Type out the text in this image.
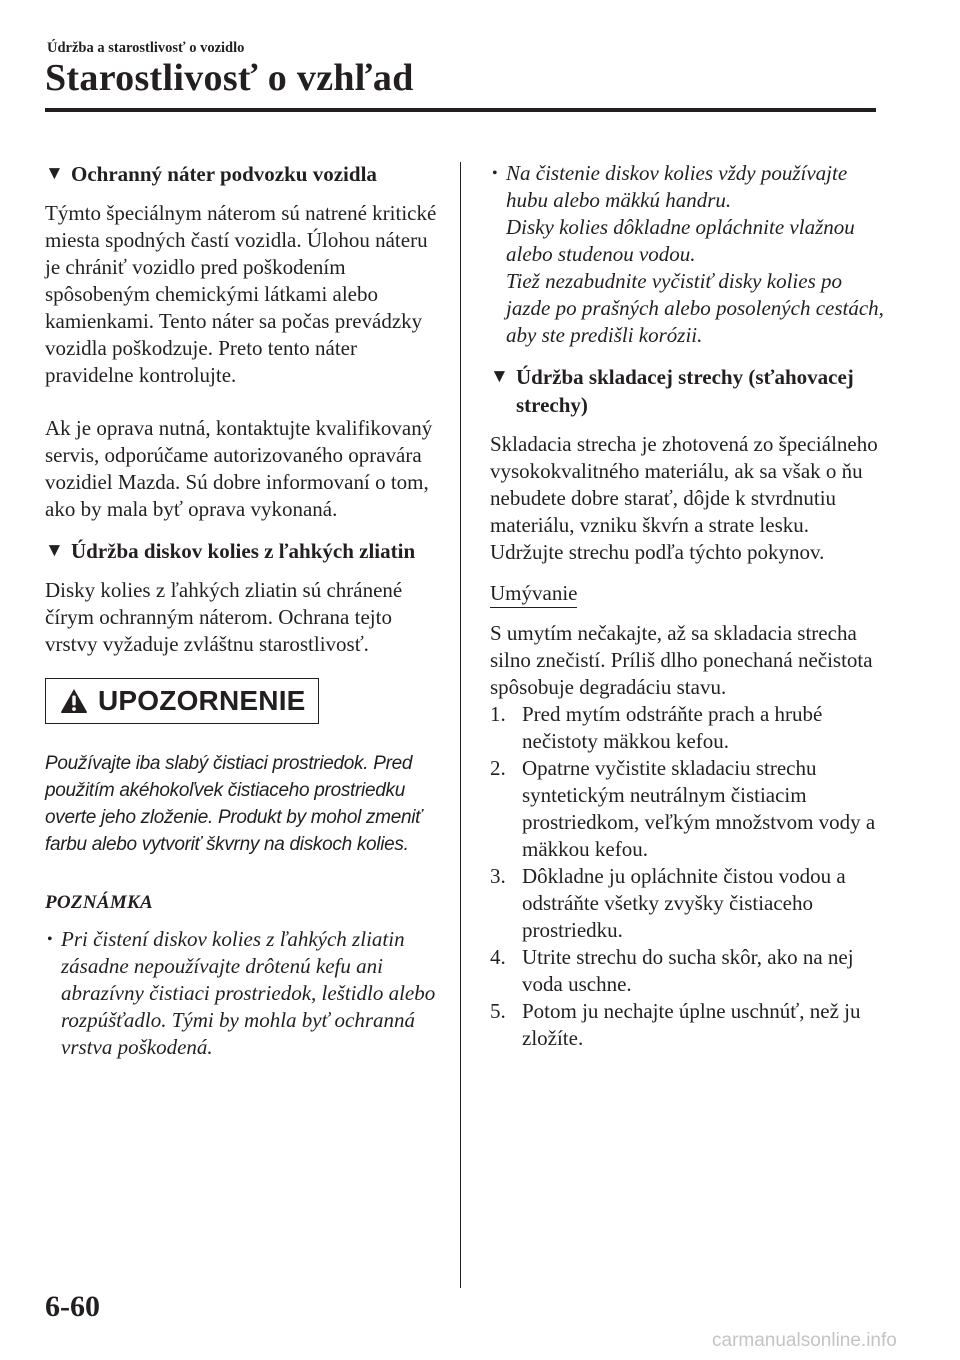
Údržba a starostlivosť o vozidlo
Starostlivosť o vzhľad
▼ Ochranný náter podvozku vozidla

Týmto špeciálnym náterom sú natrené kritické miesta spodných častí vozidla. Úlohou náteru je chrániť vozidlo pred poškodením spôsobeným chemickými látkami alebo kamienkami. Tento náter sa počas prevádzky vozidla poškodzuje. Preto tento náter pravidelne kontrolujte.

Ak je oprava nutná, kontaktujte kvalifikovaný servis, odporúčame autorizovaného opravára vozidiel Mazda. Sú dobre informovaní o tom, ako by mala byť oprava vykonaná.

▼ Údržba diskov kolies z ľahkých zliatin

Disky kolies z ľahkých zliatin sú chránené čírym ochranným náterom. Ochrana tejto vrstvy vyžaduje zvláštnu starostlivosť.

UPOZORNENIE
Používajte iba slabý čistiaci prostriedok. Pred použitím akéhokoľvek čistiaceho prostriedku overte jeho zloženie. Produkt by mohol zmeniť farbu alebo vytvoriť škvrny na diskoch kolies.
POZNÁMKA
• Pri čistení diskov kolies z ľahkých zliatin zásadne nepoužívajte drôtenú kefu ani abrazívny čistiaci prostriedok, leštidlo alebo rozpúšťadlo. Tými by mohla byť ochranná vrstva poškodená.
• Na čistenie diskov kolies vždy používajte hubu alebo mäkkú handru.
Disky kolies dôkladne opláchnite vlažnou alebo studenou vodou.
Tiež nezabudnite vyčistiť disky kolies po jazde po prašných alebo posolených cestách, aby ste predišli korózii.
▼ Údržba skladacej strechy (sťahovacej strechy)

Skladacia strecha je zhotovená zo špeciálneho vysokokvalitného materiálu, ak sa však o ňu nebudete dobre starať, dôjde k stvrdnutiu materiálu, vzniku škvŕn a strate lesku. Udržujte strechu podľa týchto pokynov.

Umývanie

S umytím nečakajte, až sa skladacia strecha silno znečistí. Príliš dlho ponechaná nečistota spôsobuje degradáciu stavu.

1. Pred mytím odstráňte prach a hrubé nečistoty mäkkou kefou.
2. Opatrne vyčistite skladaciu strechu syntetickým neutrálnym čistiacim prostriedkom, veľkým množstvom vody a mäkkou kefou.
3. Dôkladne ju opláchnite čistou vodou a odstráňte všetky zvyšky čistiaceho prostriedku.
4. Utrite strechu do sucha skôr, ako na nej voda uschne.
5. Potom ju nechajte úplne uschnúť, než ju zložíte.
6-60
carmanualsonline.info
